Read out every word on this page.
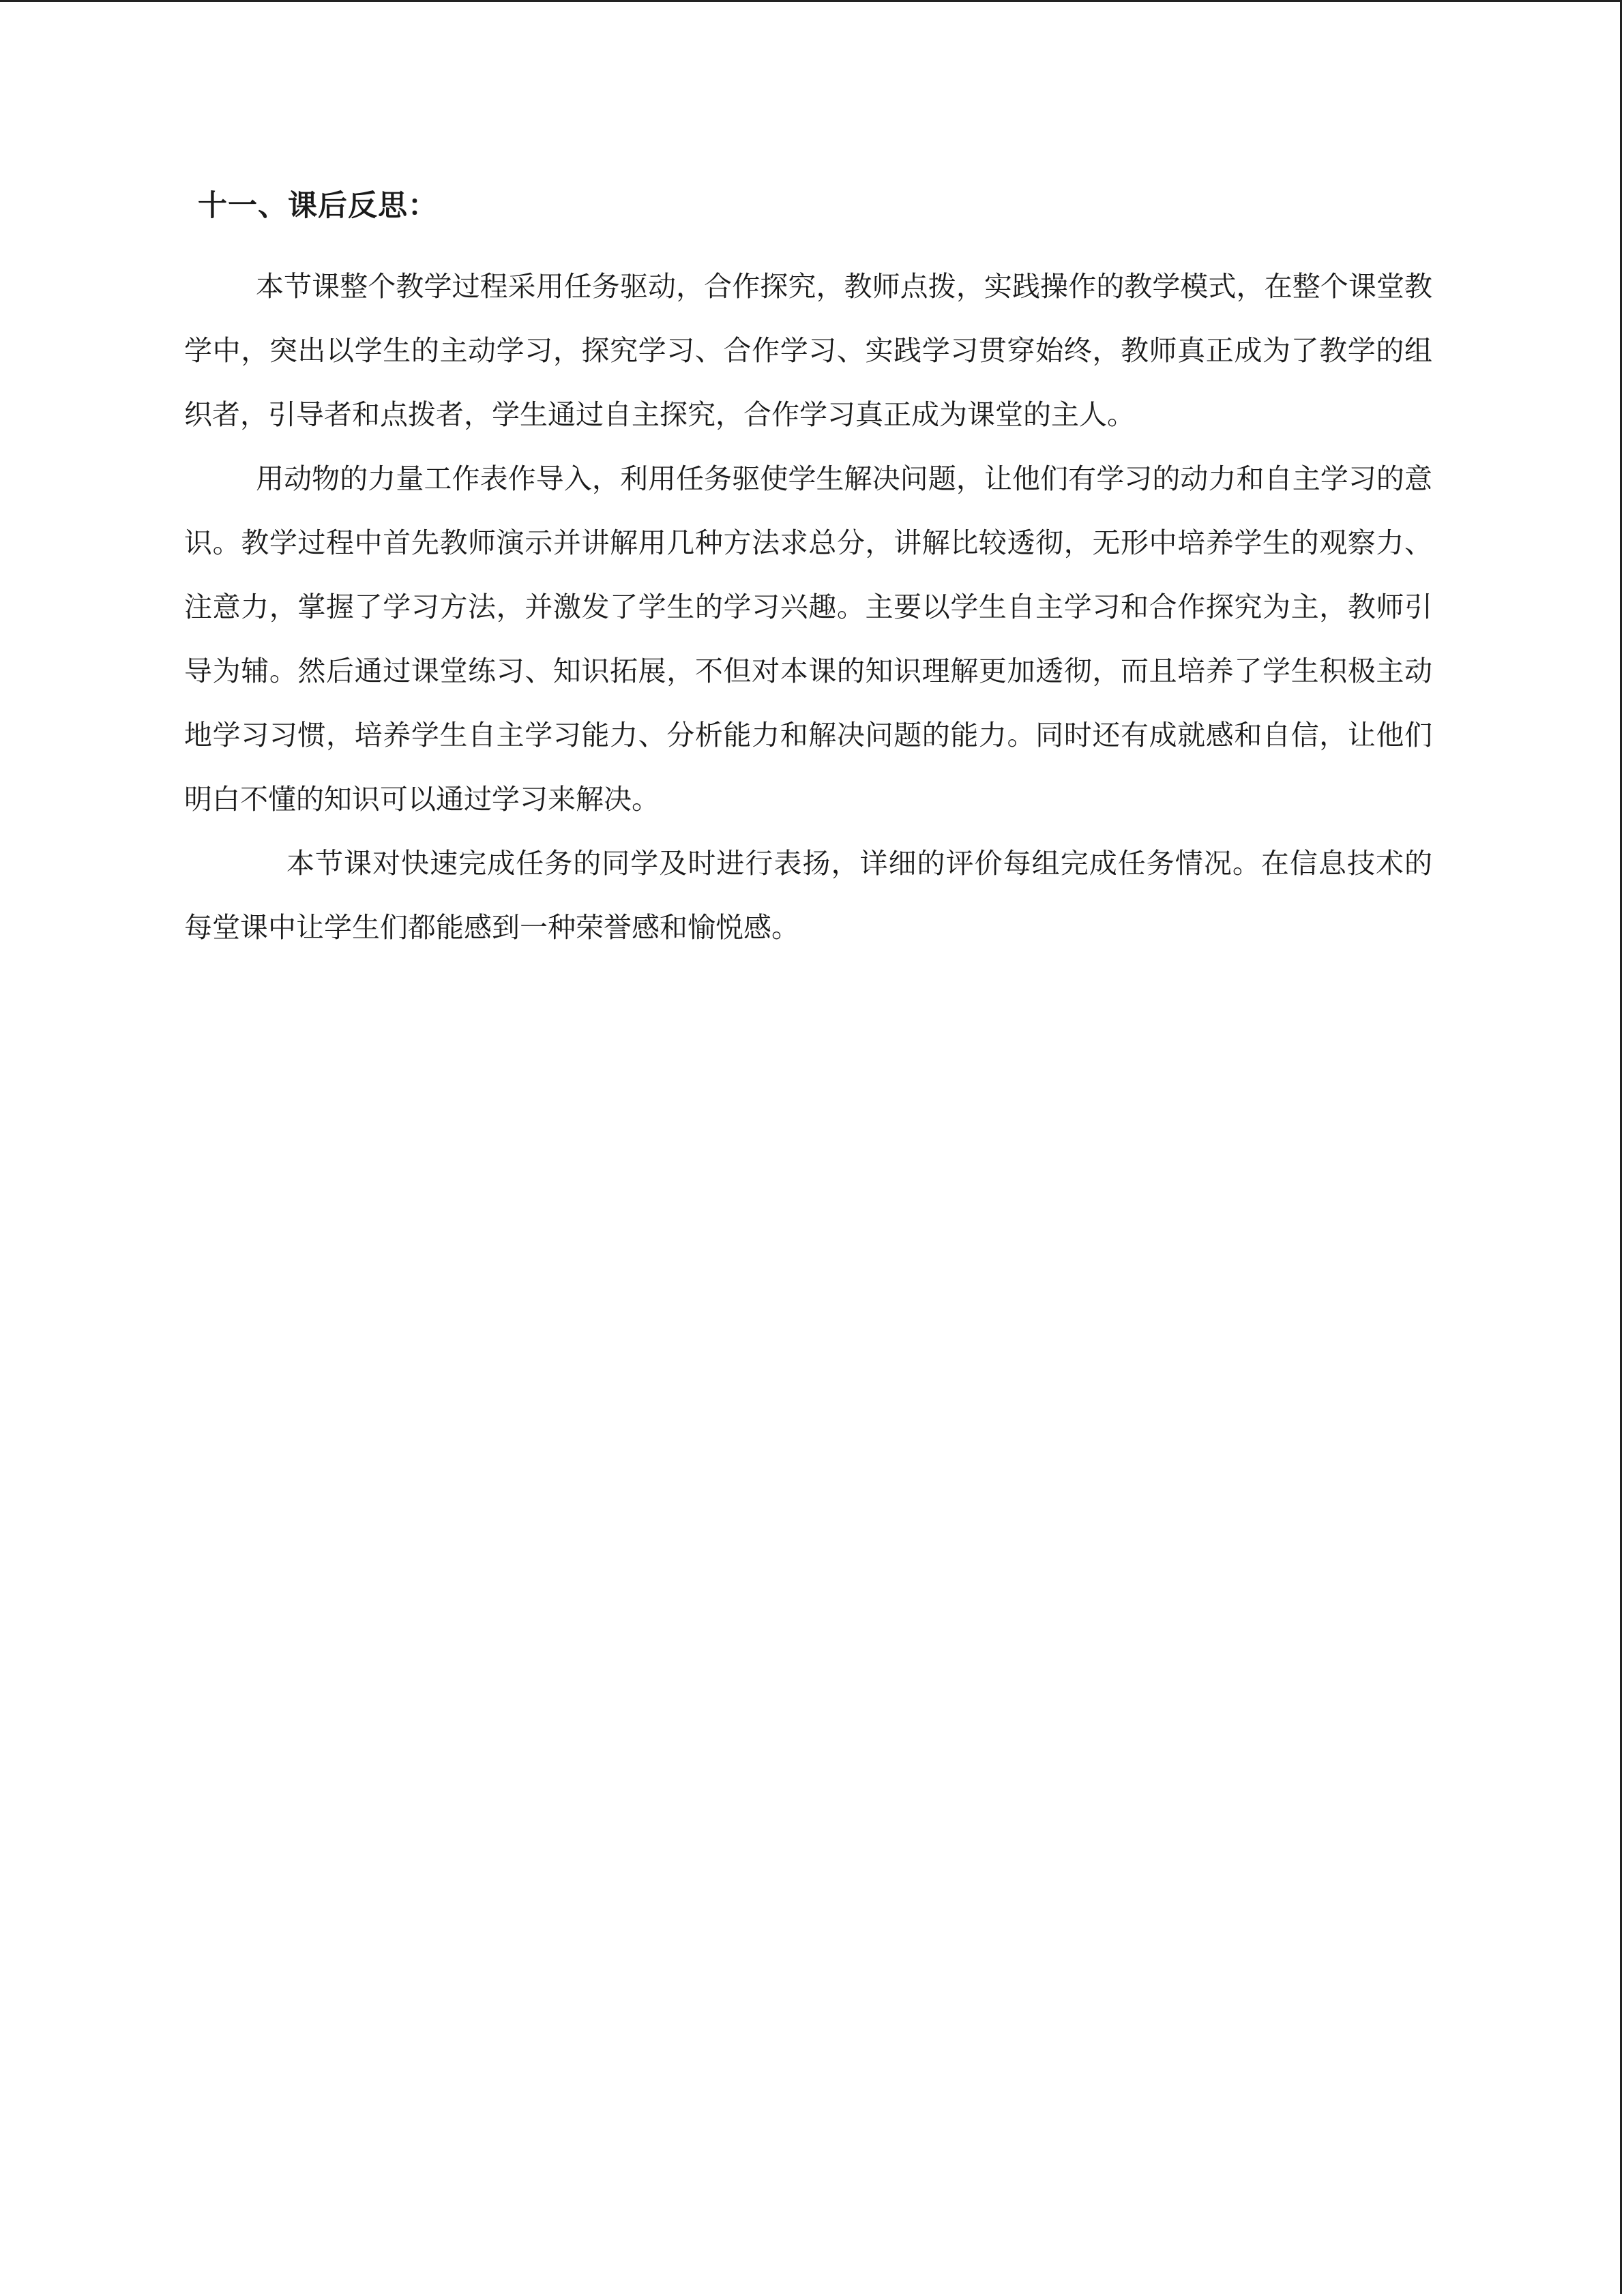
十一、课后反思：

本节课整个教学过程采用任务驱动，合作探究，教师点拨，实践操作的教学模式，在整个课堂教学中，突出以学生的主动学习，探究学习、合作学习、实践学习贯穿始终，教师真正成为了教学的组织者，引导者和点拨者，学生通过自主探究，合作学习真正成为课堂的主人。

用动物的力量工作表作导入，利用任务驱使学生解决问题，让他们有学习的动力和自主学习的意识。教学过程中首先教师演示并讲解用几种方法求总分，讲解比较透彻，无形中培养学生的观察力、注意力，掌握了学习方法，并激发了学生的学习兴趣。主要以学生自主学习和合作探究为主，教师引导为辅。然后通过课堂练习、知识拓展，不但对本课的知识理解更加透彻，而且培养了学生积极主动地学习习惯，培养学生自主学习能力、分析能力和解决问题的能力。同时还有成就感和自信，让他们明白不懂的知识可以通过学习来解决。

本节课对快速完成任务的同学及时进行表扬，详细的评价每组完成任务情况。在信息技术的每堂课中让学生们都能感到一种荣誉感和愉悦感。
